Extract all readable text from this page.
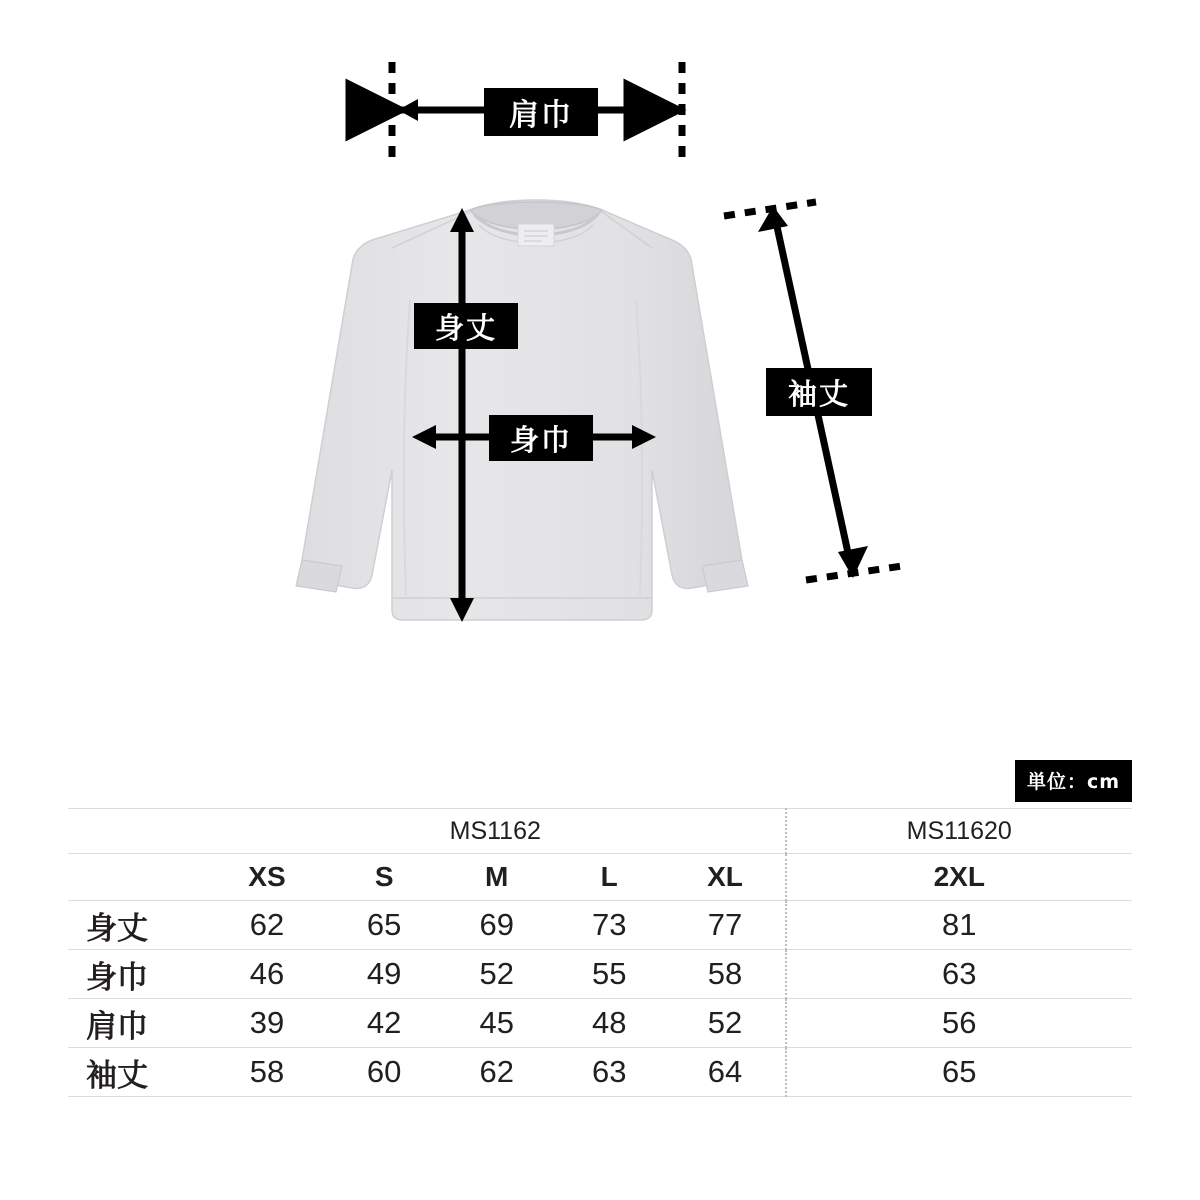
肩巾
身丈
身巾
袖丈
単位：cm
	MS1162					MS11620
	XS	S	M	L	XL	2XL
身丈	62	65	69	73	77	81
身巾	46	49	52	55	58	63
肩巾	39	42	45	48	52	56
袖丈	58	60	62	63	64	65
